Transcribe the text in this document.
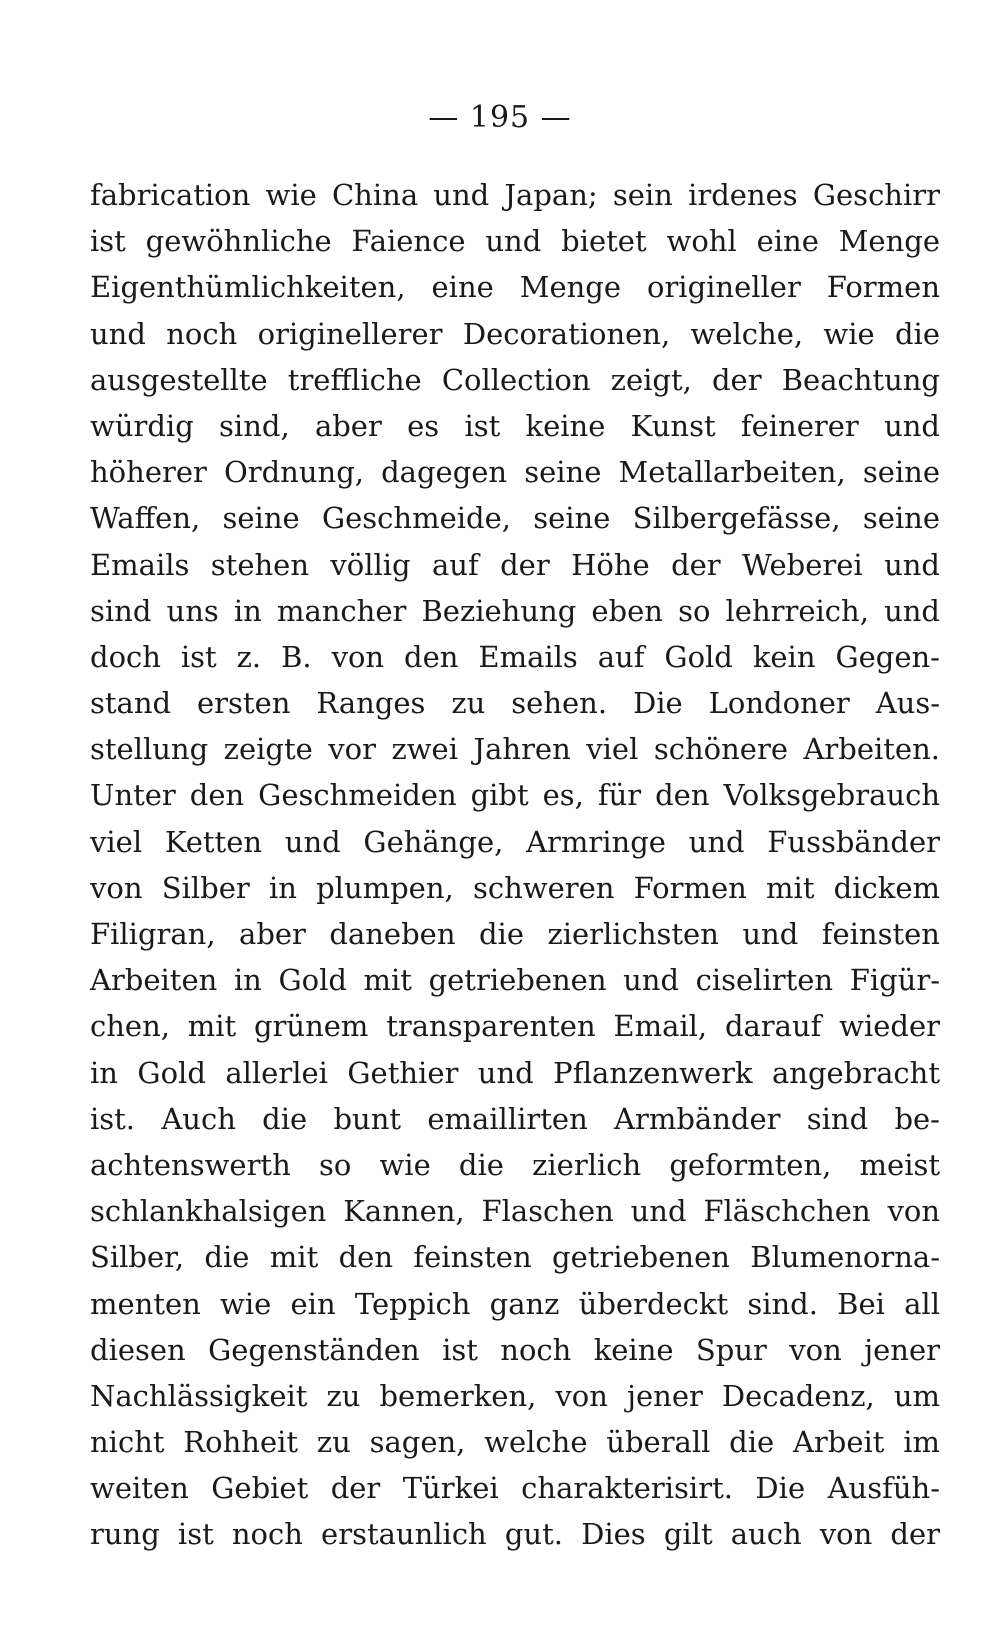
— 195 —
fabrication wie China und Japan; sein irdenes Geschirr
ist gewöhnliche Faience und bietet wohl eine Menge
Eigenthümlichkeiten, eine Menge origineller Formen
und noch originellerer Decorationen, welche, wie die
ausgestellte treffliche Collection zeigt, der Beachtung
würdig sind, aber es ist keine Kunst feinerer und
höherer Ordnung, dagegen seine Metallarbeiten, seine
Waffen, seine Geschmeide, seine Silbergefässe, seine
Emails stehen völlig auf der Höhe der Weberei und
sind uns in mancher Beziehung eben so lehrreich, und
doch ist z. B. von den Emails auf Gold kein Gegen-
stand ersten Ranges zu sehen. Die Londoner Aus-
stellung zeigte vor zwei Jahren viel schönere Arbeiten.
Unter den Geschmeiden gibt es, für den Volksgebrauch
viel Ketten und Gehänge, Armringe und Fussbänder
von Silber in plumpen, schweren Formen mit dickem
Filigran, aber daneben die zierlichsten und feinsten
Arbeiten in Gold mit getriebenen und ciselirten Figür-
chen, mit grünem transparenten Email, darauf wieder
in Gold allerlei Gethier und Pflanzenwerk angebracht
ist. Auch die bunt emaillirten Armbänder sind be-
achtenswerth so wie die zierlich geformten, meist
schlankhalsigen Kannen, Flaschen und Fläschchen von
Silber, die mit den feinsten getriebenen Blumenorna-
menten wie ein Teppich ganz überdeckt sind. Bei all
diesen Gegenständen ist noch keine Spur von jener
Nachlässigkeit zu bemerken, von jener Decadenz, um
nicht Rohheit zu sagen, welche überall die Arbeit im
weiten Gebiet der Türkei charakterisirt. Die Ausfüh-
rung ist noch erstaunlich gut. Dies gilt auch von der
